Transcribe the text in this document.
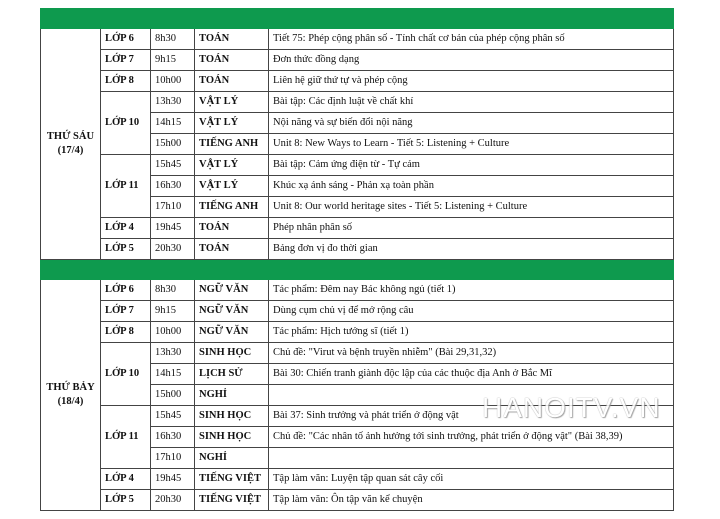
THỨ SÁU
(17/4)	LỚP 6	8h30	TOÁN	Tiết 75: Phép cộng phân số - Tính chất cơ bản của phép cộng phân số
	LỚP 7	9h15	TOÁN	Đơn thức đồng dạng
	LỚP 8	10h00	TOÁN	Liên hệ giữ thứ tự và phép cộng
	LỚP 10	13h30	VẬT LÝ	Bài tập: Các định luật về chất khí
		14h15	VẬT LÝ	Nội năng và sự biến đổi nội năng
		15h00	TIẾNG ANH	Unit 8: New Ways to Learn - Tiết 5: Listening + Culture
	LỚP 11	15h45	VẬT LÝ	Bài tập: Cảm ứng điện từ - Tự cảm
		16h30	VẬT LÝ	Khúc xạ ánh sáng - Phản xạ toàn phần
		17h10	TIẾNG ANH	Unit 8: Our world heritage sites - Tiết 5: Listening + Culture
	LỚP 4	19h45	TOÁN	Phép nhân phân số
	LỚP 5	20h30	TOÁN	Bảng đơn vị đo thời gian

THỨ BẢY
(18/4)	LỚP 6	8h30	NGỮ VĂN	Tác phẩm: Đêm nay Bác không ngủ (tiết 1)
	LỚP 7	9h15	NGỮ VĂN	Dùng cụm chủ vị để mở rộng câu
	LỚP 8	10h00	NGỮ VĂN	Tác phẩm: Hịch tướng sĩ (tiết 1)
	LỚP 10	13h30	SINH HỌC	Chủ đề: "Virut và bệnh truyền nhiễm" (Bài 29,31,32)
		14h15	LỊCH SỬ	Bài 30: Chiến tranh giành độc lập của các thuộc địa Anh ở Bắc Mĩ
		15h00	NGHỈ	
	LỚP 11	15h45	SINH HỌC	Bài 37: Sinh trưởng và phát triển ở động vật
		16h30	SINH HỌC	Chủ đề: "Các nhân tố ảnh hưởng tới sinh trưởng, phát triển ở động vật" (Bài 38,39)
		17h10	NGHỈ	
	LỚP 4	19h45	TIẾNG VIỆT	Tập làm văn: Luyện tập quan sát cây cối
	LỚP 5	20h30	TIẾNG VIỆT	Tập làm văn: Ôn tập văn kể chuyện
HANOITV.VN
